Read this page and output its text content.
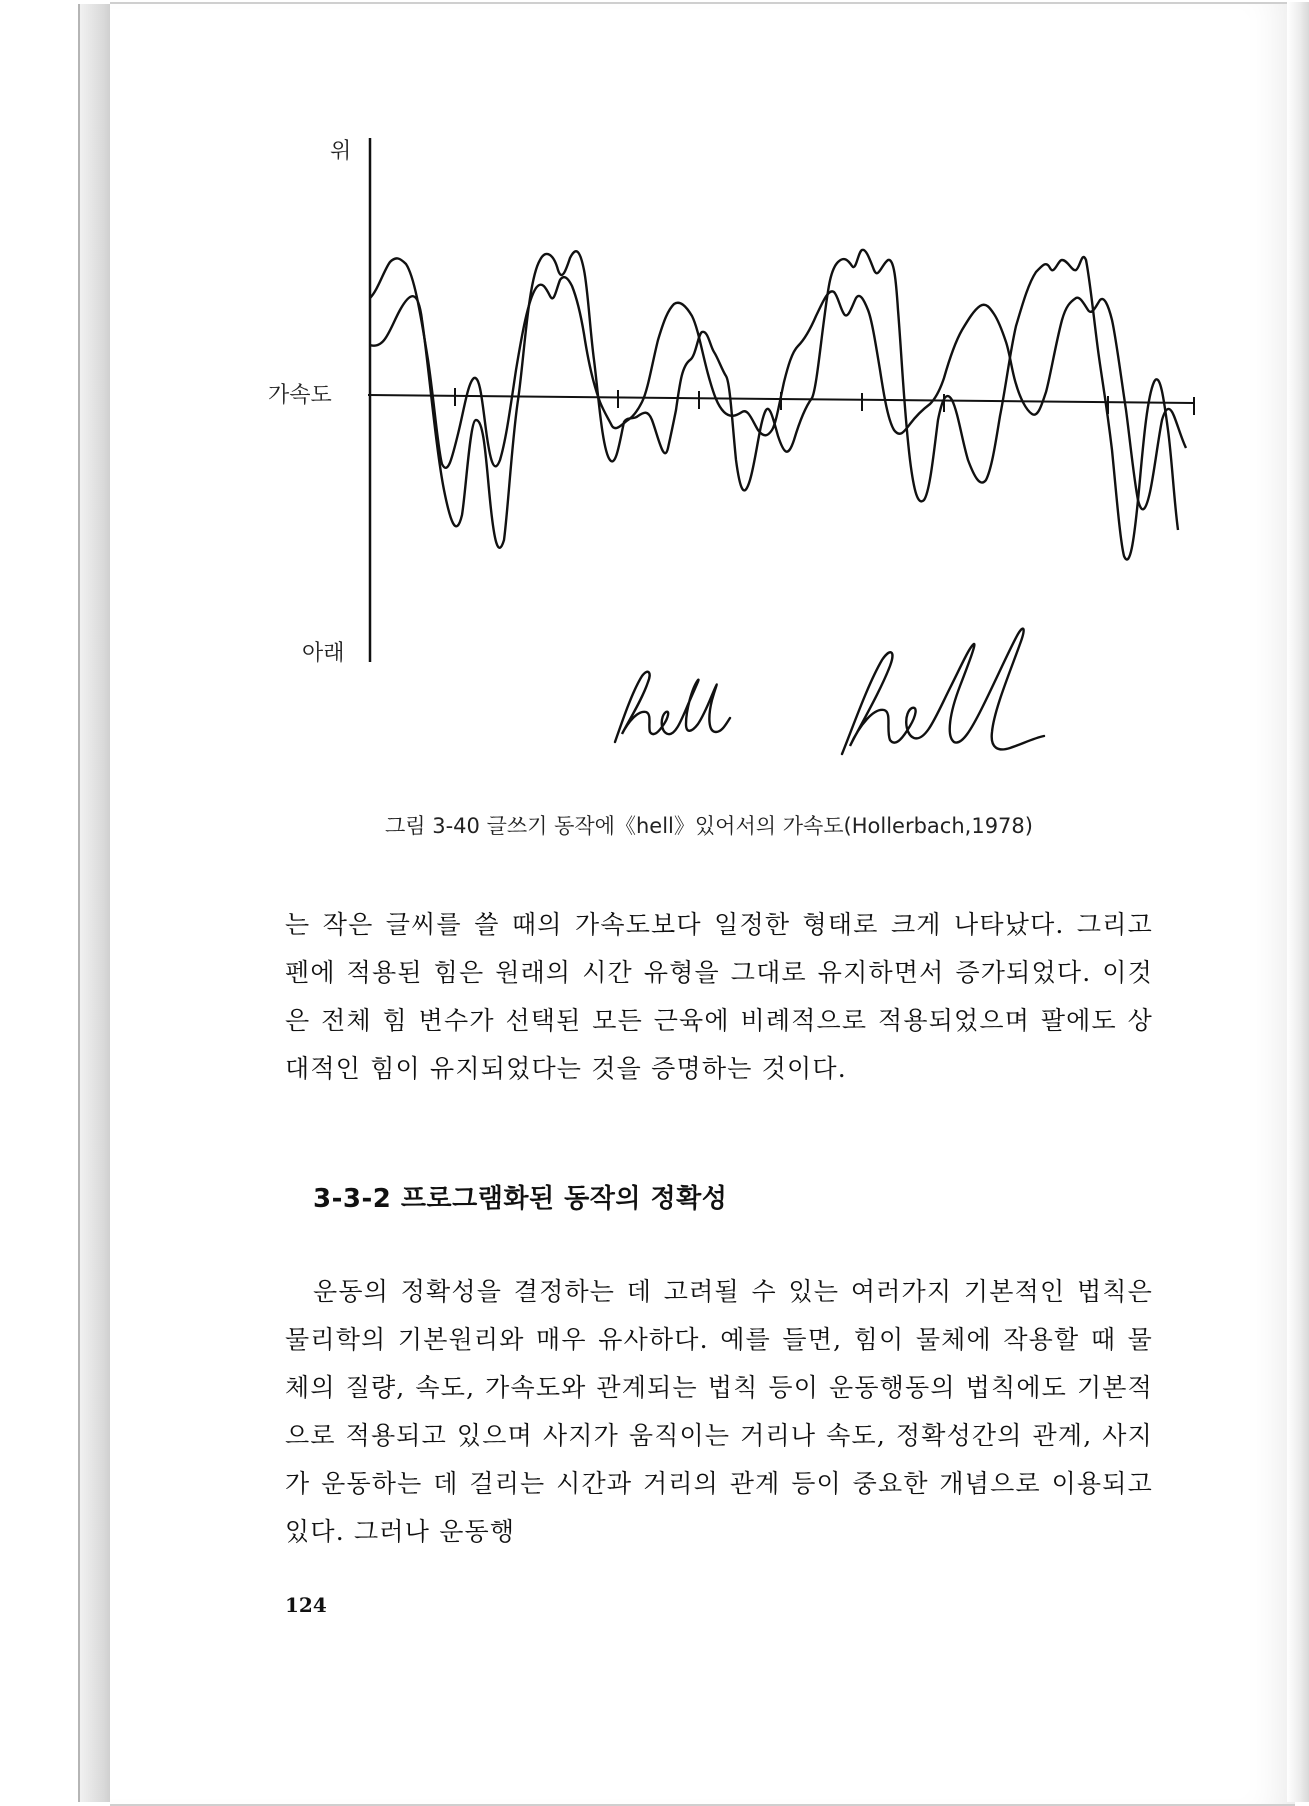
위
가속도
아래
그림 3-40 글쓰기 동작에《hell》있어서의 가속도(Hollerbach,1978)
는 작은 글씨를 쓸 때의 가속도보다 일정한 형태로 크게 나타났다. 그리고 펜에 적용된 힘은 원래의 시간 유형을 그대로 유지하면서 증가되었다. 이것은 전체 힘 변수가 선택된 모든 근육에 비례적으로 적용되었으며 팔에도 상대적인 힘이 유지되었다는 것을 증명하는 것이다.
3-3-2 프로그램화된 동작의 정확성
운동의 정확성을 결정하는 데 고려될 수 있는 여러가지 기본적인 법칙은 물리학의 기본원리와 매우 유사하다. 예를 들면, 힘이 물체에 작용할 때 물체의 질량, 속도, 가속도와 관계되는 법칙 등이 운동행동의 법칙에도 기본적으로 적용되고 있으며 사지가 움직이는 거리나 속도, 정확성간의 관계, 사지가 운동하는 데 걸리는 시간과 거리의 관계 등이 중요한 개념으로 이용되고 있다. 그러나 운동행
124
